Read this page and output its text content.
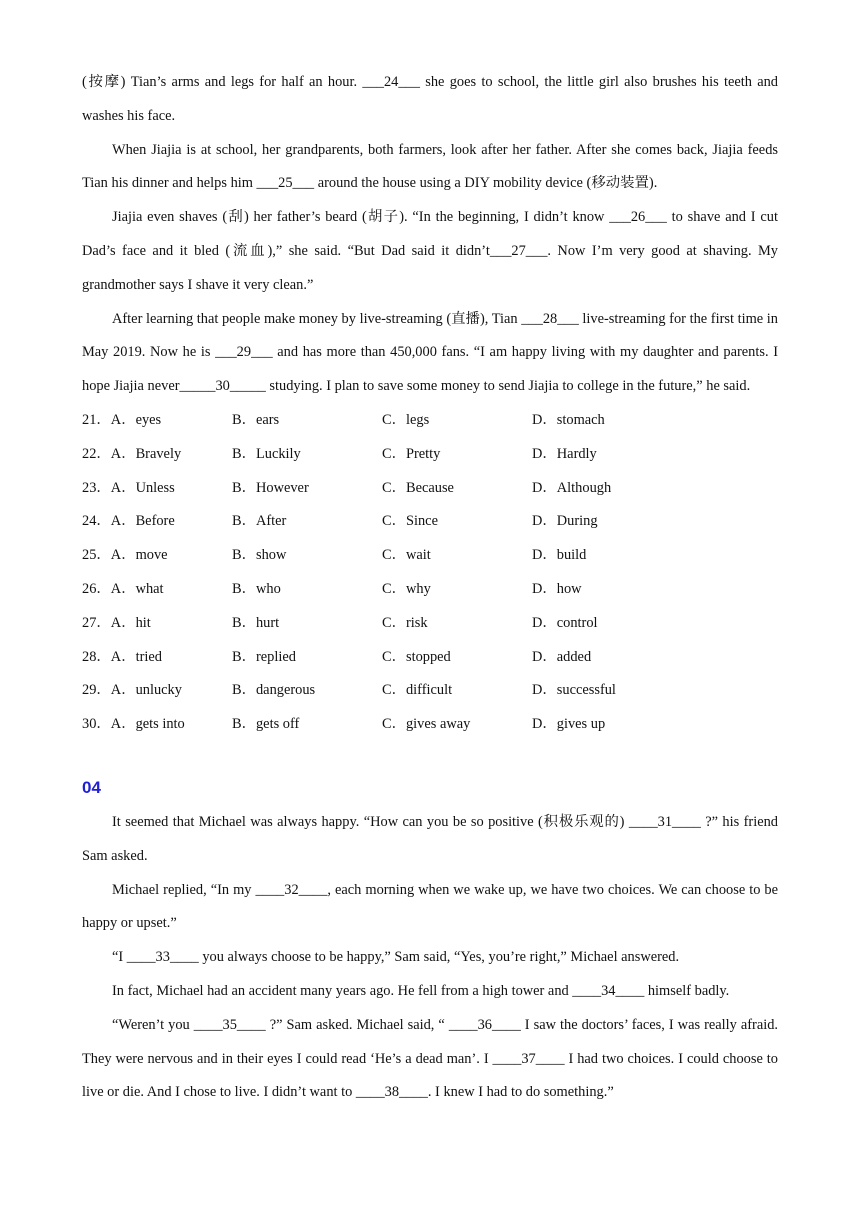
(按摩) Tian’s arms and legs for half an hour. ___24___ she goes to school, the little girl also brushes his teeth and washes his face.

When Jiajia is at school, her grandparents, both farmers, look after her father. After she comes back, Jiajia feeds Tian his dinner and helps him ___25___ around the house using a DIY mobility device (移动装置).

Jiajia even shaves (刮) her father’s beard (胡子). “In the beginning, I didn’t know ___26___ to shave and I cut Dad’s face and it bled (流血),” she said. “But Dad said it didn’t___27___. Now I’m very good at shaving. My grandmother says I shave it very clean.”

After learning that people make money by live-streaming (直播), Tian ___28___ live-streaming for the first time in May 2019. Now he is ___29___ and has more than 450,000 fans. “I am happy living with my daughter and parents. I hope Jiajia never_____30_____ studying. I plan to save some money to send Jiajia to college in the future,” he said.

21．A．eyes	B．ears	C．legs	D．stomach
22．A．Bravely	B．Luckily	C．Pretty	D．Hardly
23．A．Unless	B．However	C．Because	D．Although
24．A．Before	B．After	C．Since	D．During
25．A．move	B．show	C．wait	D．build
26．A．what	B．who	C．why	D．how
27．A．hit	B．hurt	C．risk	D．control
28．A．tried	B．replied	C．stopped	D．added
29．A．unlucky	B．dangerous	C．difficult	D．successful
30．A．gets into	B．gets off	C．gives away	D．gives up
04

It seemed that Michael was always happy. “How can you be so positive (积极乐观的) ____31____ ?” his friend Sam asked.

Michael replied, “In my ____32____, each morning when we wake up, we have two choices. We can choose to be happy or upset.”

“I ____33____ you always choose to be happy,” Sam said, “Yes, you’re right,” Michael answered.

In fact, Michael had an accident many years ago. He fell from a high tower and ____34____ himself badly.

“Weren’t you ____35____ ?” Sam asked. Michael said, “ ____36____ I saw the doctors’ faces, I was really afraid. They were nervous and in their eyes I could read ‘He’s a dead man’. I ____37____ I had two choices. I could choose to live or die. And I chose to live. I didn’t want to ____38____. I knew I had to do something.”
